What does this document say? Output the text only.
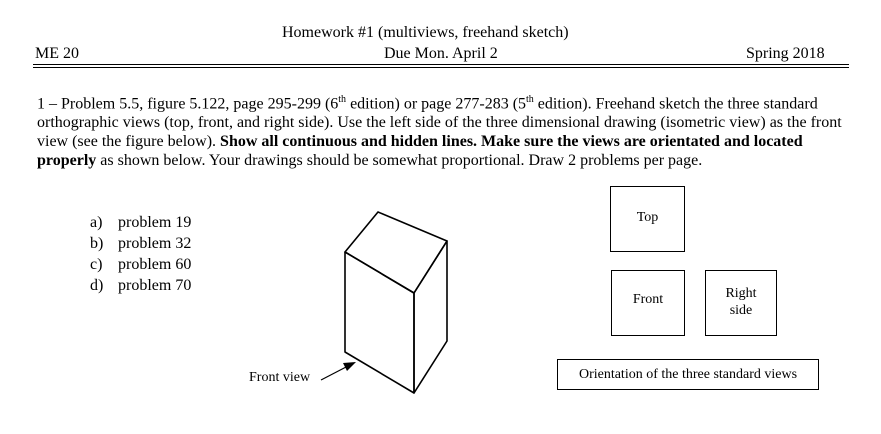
Homework #1 (multiviews, freehand sketch)
ME 20	Due Mon. April 2	Spring 2018
1 – Problem 5.5, figure 5.122, page 295-299 (6th edition) or page 277-283 (5th edition). Freehand sketch the three standard orthographic views (top, front, and right side). Use the left side of the three dimensional drawing (isometric view) as the front view (see the figure below). Show all continuous and hidden lines. Make sure the views are orientated and located properly as shown below. Your drawings should be somewhat proportional. Draw 2 problems per page.
a) problem 19
b) problem 32
c) problem 60
d) problem 70
Front view
Top
Front	Right
side
Orientation of the three standard views
